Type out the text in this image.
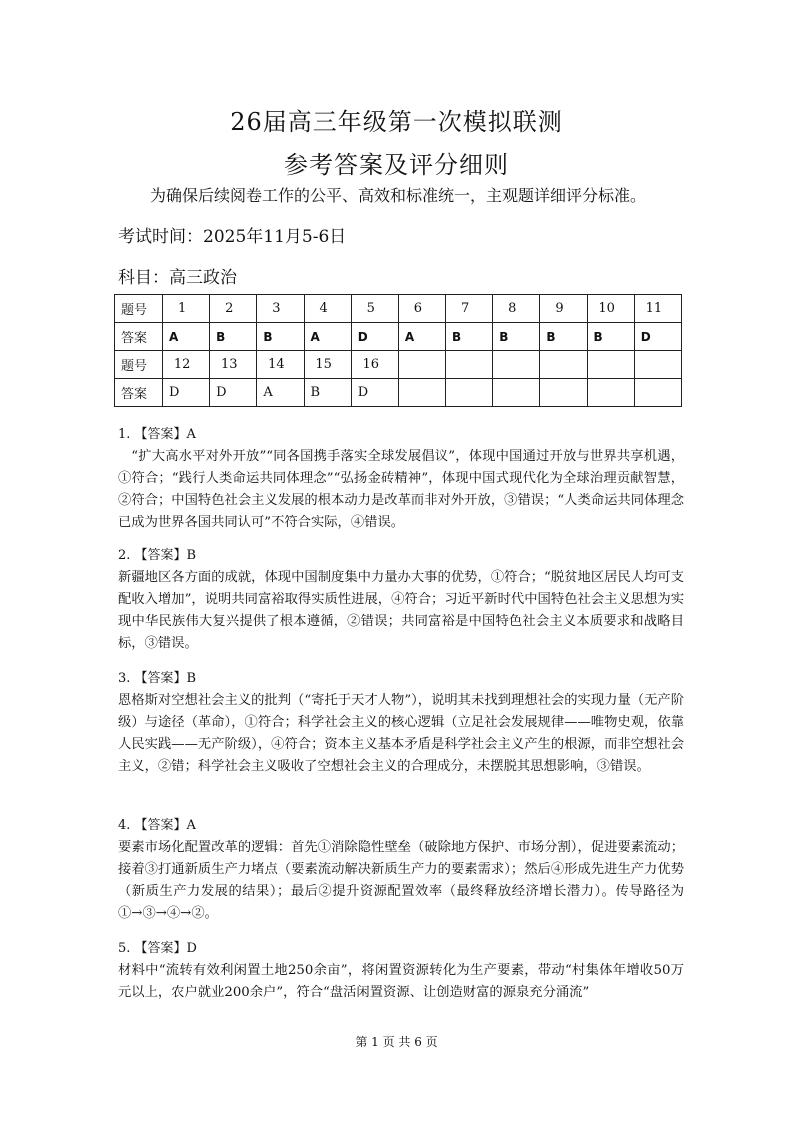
26届高三年级第一次模拟联测
参考答案及评分细则
为确保后续阅卷工作的公平、高效和标准统一，主观题详细评分标准。
考试时间：2025年11月5-6日
科目：高三政治
题号	1	2	3	4	5	6	7	8	9	10	11
答案	A	B	B	A	D	A	B	B	B	B	D
题号	12	13	14	15	16						
答案	D	D	A	B	D						
1. 【答案】A
“扩大高水平对外开放”“同各国携手落实全球发展倡议”，体现中国通过开放与世界共享机遇，①符合；“践行人类命运共同体理念”“弘扬金砖精神”，体现中国式现代化为全球治理贡献智慧，②符合；中国特色社会主义发展的根本动力是改革而非对外开放，③错误；“人类命运共同体理念已成为世界各国共同认可”不符合实际，④错误。
2. 【答案】B
新疆地区各方面的成就，体现中国制度集中力量办大事的优势，①符合；“脱贫地区居民人均可支配收入增加”，说明共同富裕取得实质性进展，④符合；习近平新时代中国特色社会主义思想为实现中华民族伟大复兴提供了根本遵循，②错误；共同富裕是中国特色社会主义本质要求和战略目标，③错误。
3. 【答案】B
恩格斯对空想社会主义的批判（“寄托于天才人物”），说明其未找到理想社会的实现力量（无产阶级）与途径（革命），①符合；科学社会主义的核心逻辑（立足社会发展规律——唯物史观，依靠人民实践——无产阶级），④符合；资本主义基本矛盾是科学社会主义产生的根源，而非空想社会主义，②错；科学社会主义吸收了空想社会主义的合理成分，未摆脱其思想影响，③错误。
4. 【答案】A
要素市场化配置改革的逻辑：首先①消除隐性壁垒（破除地方保护、市场分割），促进要素流动；接着③打通新质生产力堵点（要素流动解决新质生产力的要素需求）；然后④形成先进生产力优势（新质生产力发展的结果）；最后②提升资源配置效率（最终释放经济增长潜力）。传导路径为①→③→④→②。
5. 【答案】D
材料中“流转有效利闲置土地250余亩”，将闲置资源转化为生产要素，带动“村集体年增收50万元以上，农户就业200余户”，符合“盘活闲置资源、让创造财富的源泉充分涌流”
第 1 页 共 6 页
